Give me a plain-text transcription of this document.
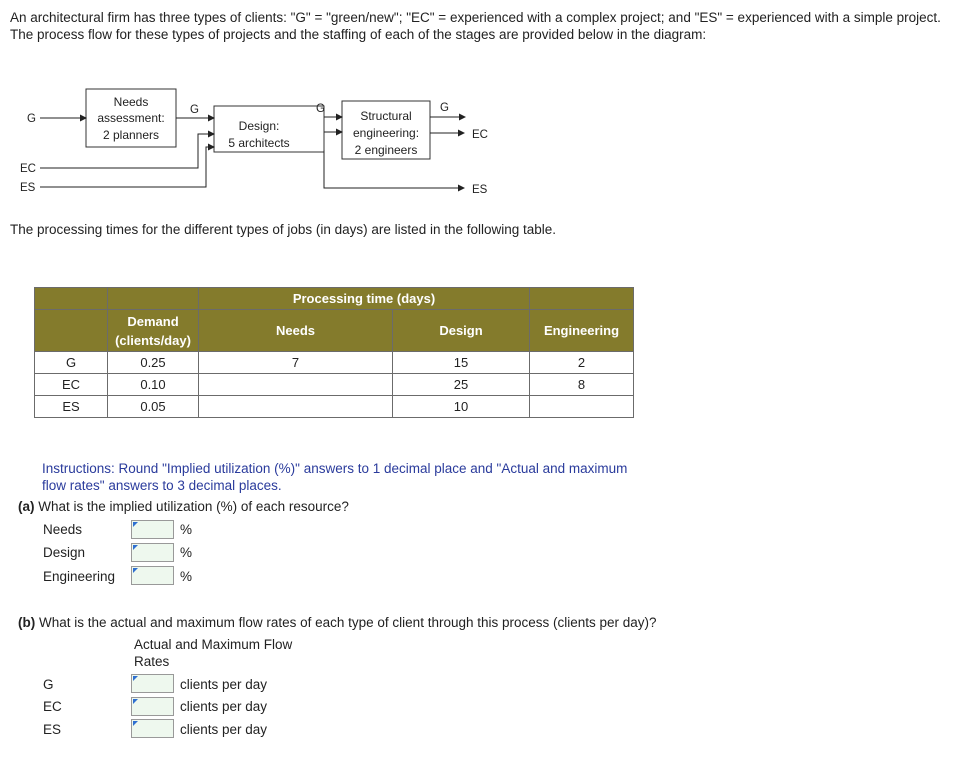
An architectural firm has three types of clients: "G" = "green/new"; "EC" = experienced with a complex project; and "ES" = experienced with a simple project. The process flow for these types of projects and the staffing of each of the stages are provided below in the diagram:
Needs
assessment:
2 planners
Design:
5 architects
Structural
engineering:
2 engineers
G
EC
ES
G	G
ES
G
EC
The processing times for the different types of jobs (in days) are listed in the following table.
		Processing time (days)		
	Demand
(clients/day)	Needs	Design	Engineering
G	0.25	7	15	2
EC	0.10		25	8
ES	0.05		10	
Instructions: Round "Implied utilization (%)" answers to 1 decimal place and "Actual and maximum flow rates" answers to 3 decimal places.
(a) What is the implied utilization (%) of each resource?
Needs	%
Design	%
Engineering	%
(b) What is the actual and maximum flow rates of each type of client through this process (clients per day)?
Actual and Maximum Flow
Rates
G	clients per day
EC	clients per day
ES	clients per day
